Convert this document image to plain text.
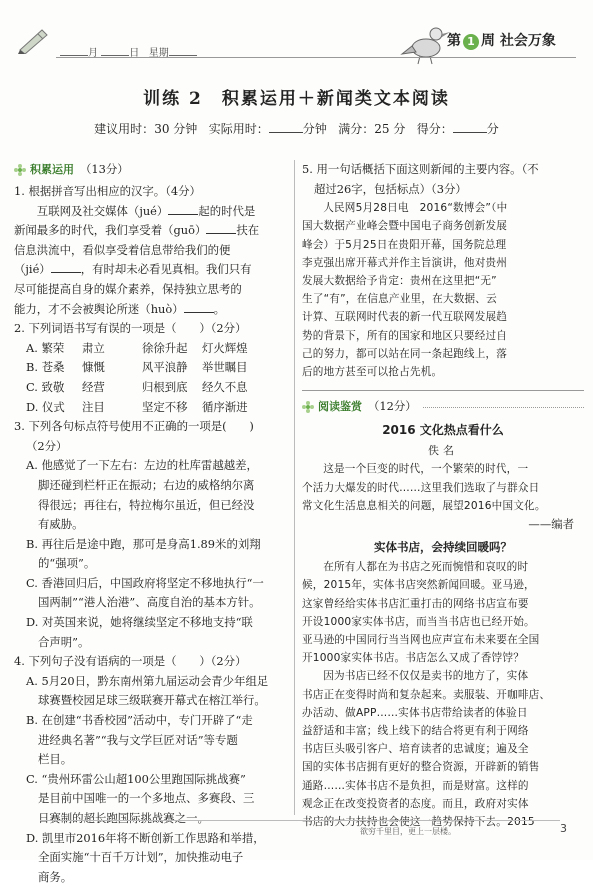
月	日 星期
第 1 周 社会万象
训练 2　积累运用＋新闻类文本阅读
建议用时：30 分钟 实际用时：	分钟 满分：25 分 得分：	分
积累运用 （13分）

1. 根据拼音写出相应的汉字。（4分）

互联网及社交媒体（jué）	起的时代是

新闻最多的时代，我们享受着（guō）	扶在

信息洪流中，看似享受着信息带给我们的便

（jié）	，有时却未必看见真相。我们只有

尽可能提高自身的媒介素养，保持独立思考的

能力，才不会被舆论所迷（huò）	。

2. 下列词语书写有误的一项是（　　）（2分）

A. 繁荣 肃立	徐徐升起 灯火辉煌
B. 苍桑 慷慨	风平浪静 举世瞩目
C. 致敬 经营	归根到底 经久不息
D. 仪式 注目	坚定不移 循序渐进

3. 下列各句标点符号使用不正确的一项是(　　)

（2分）

A. 他感觉了一下左右：左边的杜库雷越越差，

脚还碰到栏杆正在振动；右边的威格纳尔离

得很远；再往右，特拉梅尔虽近，但已经没

有威胁。

B. 再往后是途中跑，那可是身高1.89米的刘翔

的“强项”。

C. 香港回归后，中国政府将坚定不移地执行“一

国两制”“港人治港”、高度自治的基本方针。

D. 对英国来说，她将继续坚定不移地支持“联

合声明”。

4. 下列句子没有语病的一项是（　　）（2分）

A. 5月20日，黔东南州第九届运动会青少年组足

球赛暨校园足球三级联赛开幕式在榕江举行。

B. 在创建“书香校园”活动中，专门开辟了“走

进经典名著”“我与文学巨匠对话”等专题

栏目。

C. “贵州环雷公山超100公里跑国际挑战赛”

是目前中国唯一的一个多地点、多赛段、三

日赛制的超长跑国际挑战赛之一。

D. 凯里市2016年将不断创新工作思路和举措，

全面实施“十百千万计划”，加快推动电子

商务。

5. 用一句话概括下面这则新闻的主要内容。（不

超过26字，包括标点）（3分）

人民网5月28日电　2016“数博会”（中

国大数据产业峰会暨中国电子商务创新发展

峰会）于5月25日在贵阳开幕，国务院总理

李克强出席开幕式并作主旨演讲，他对贵州

发展大数据给予肯定：贵州在这里把“无”

生了“有”，在信息产业里，在大数据、云

计算、互联网时代表的新一代互联网发展趋

势的背景下，所有的国家和地区只要经过自

己的努力，都可以站在同一条起跑线上，落

后的地方甚至可以抢占先机。

阅读鉴赏 （12分）

2016 文化热点看什么

佚名

这是一个巨变的时代，一个繁荣的时代，一

个活力大爆发的时代……这里我们选取了与群众日

常文化生活息息相关的问题，展望2016中国文化。

——编者

实体书店，会持续回暖吗？

在所有人都在为书店之死而惋惜和哀叹的时

候，2015年，实体书店突然新闻回暖。亚马逊，

这家曾经给实体书店汇重打击的网络书店宣布要

开设1000家实体书店，而当当书店也已经开始。

亚马逊的中国同行当当网也应声宣布未来要在全国

开1000家实体书店。书店怎么又成了香饽饽？

因为书店已经不仅仅是卖书的地方了，实体

书店正在变得时尚和复杂起来。卖服装、开咖啡店、

办活动、做APP……实体书店带给读者的体验日

益舒适和丰富；线上线下的结合将更有利于网络

书店巨头吸引客户、培育读者的忠诚度；遍及全

国的实体书店拥有更好的整合资源，开辟新的销售

通路……实体书店不是负担，而是财富。这样的

观念正在改变投资者的态度。而且，政府对实体

书店的大力扶持也会使这一趋势保持下去。2015

欲穷千里目，更上一层楼。	3
